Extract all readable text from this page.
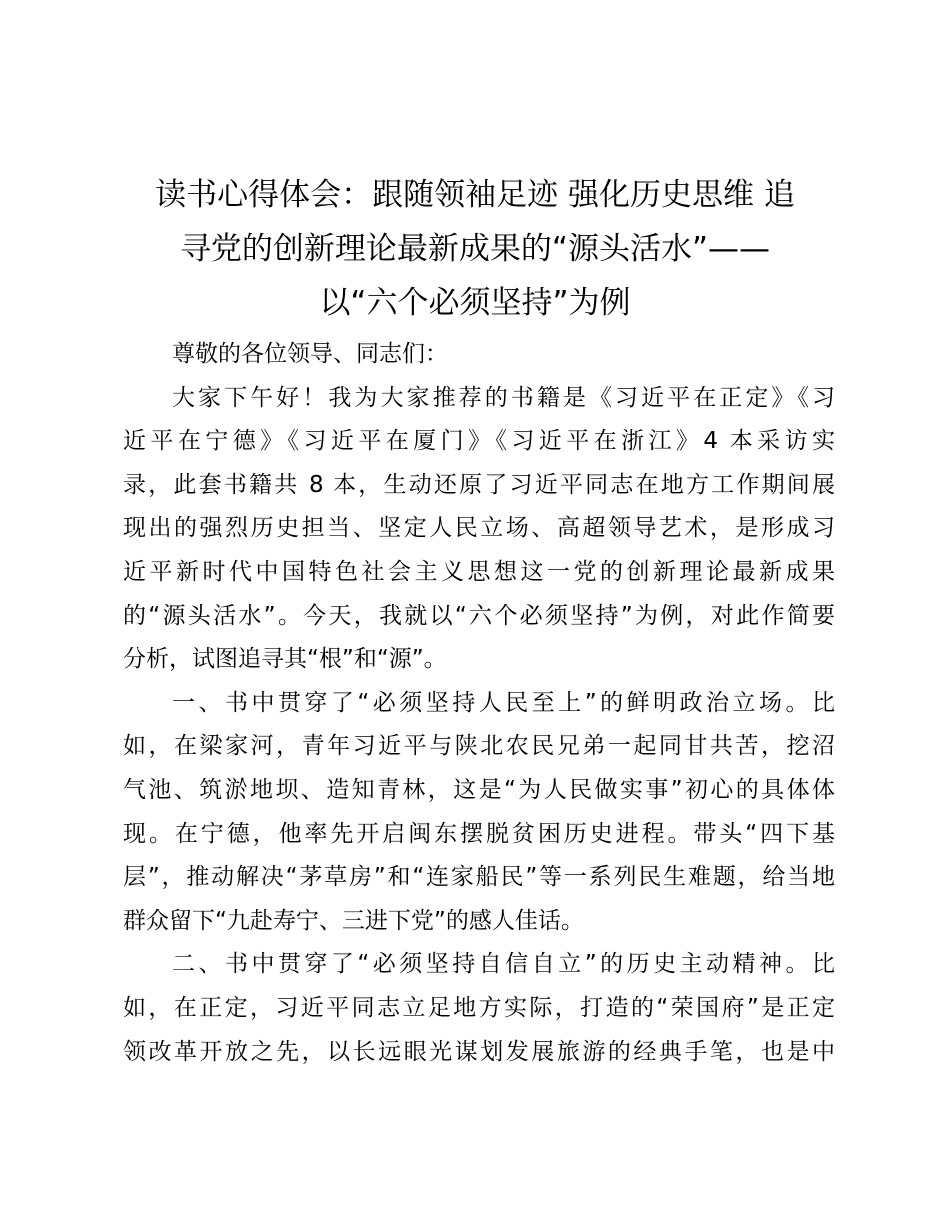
读书心得体会：跟随领袖足迹 强化历史思维 追
寻党的创新理论最新成果的“源头活水”——
以“六个必须坚持”为例
尊敬的各位领导、同志们：
大家下午好！我为大家推荐的书籍是《习近平在正定》《习
近平在宁德》《习近平在厦门》《习近平在浙江》4 本采访实
录，此套书籍共 8 本，生动还原了习近平同志在地方工作期间展
现出的强烈历史担当、坚定人民立场、高超领导艺术，是形成习
近平新时代中国特色社会主义思想这一党的创新理论最新成果
的“源头活水”。今天，我就以“六个必须坚持”为例，对此作简要
分析，试图追寻其“根”和“源”。
一、书中贯穿了“必须坚持人民至上”的鲜明政治立场。比
如，在梁家河，青年习近平与陕北农民兄弟一起同甘共苦，挖沼
气池、筑淤地坝、造知青林，这是“为人民做实事”初心的具体体
现。在宁德，他率先开启闽东摆脱贫困历史进程。带头“四下基
层”，推动解决“茅草房”和“连家船民”等一系列民生难题，给当地
群众留下“九赴寿宁、三进下党”的感人佳话。
二、书中贯穿了“必须坚持自信自立”的历史主动精神。比
如，在正定，习近平同志立足地方实际，打造的“荣国府”是正定
领改革开放之先，以长远眼光谋划发展旅游的经典手笔，也是中
